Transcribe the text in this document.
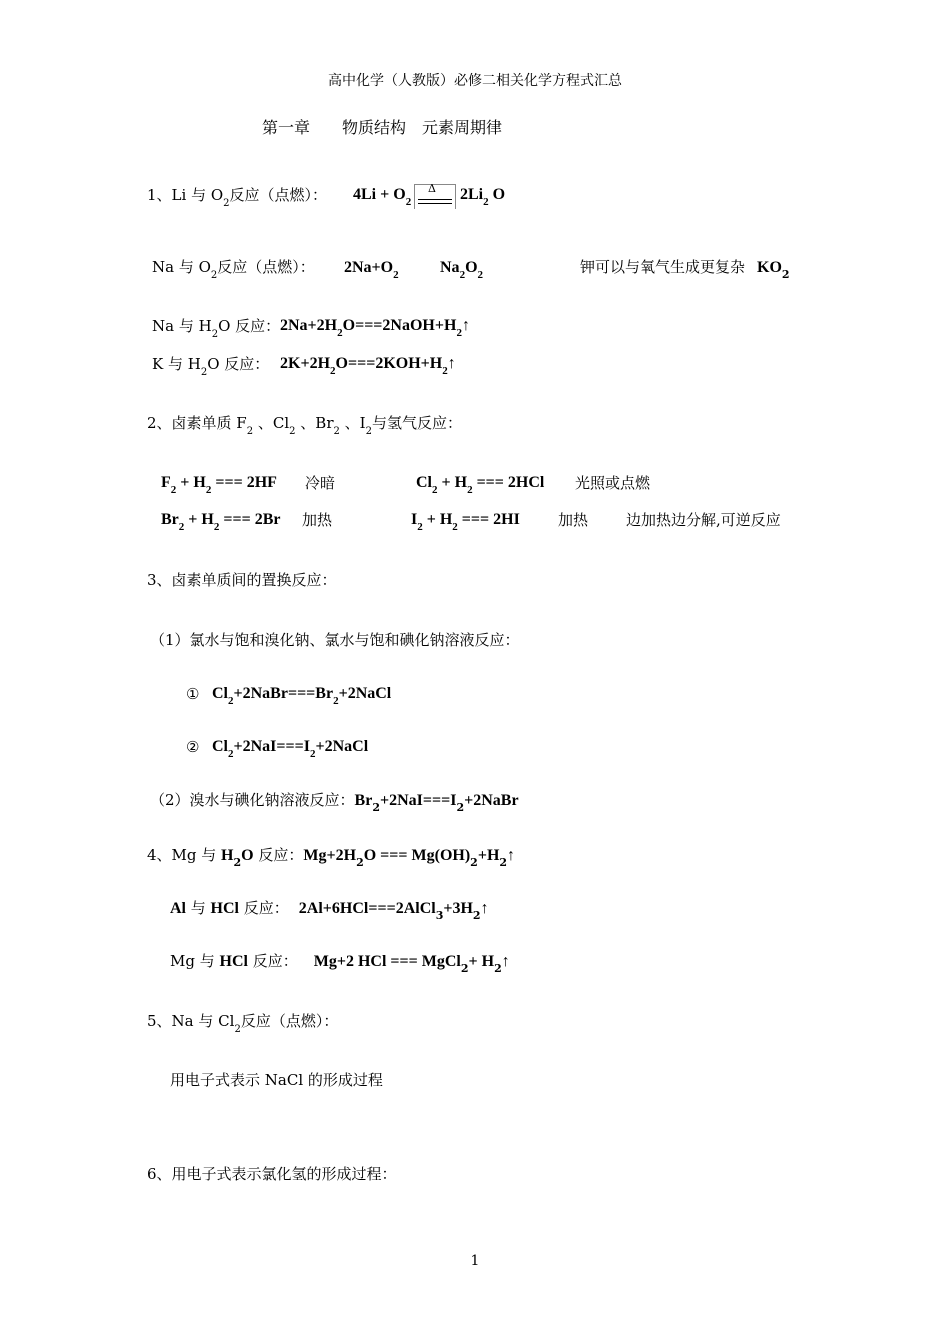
高中化学（人教版）必修二相关化学方程式汇总
第一章　　物质结构　元素周期律
1、Li 与 $O_2$反应（点燃）： $4Li + O_2$
Δ $2Li_2$ O
Na 与 $O_2$反应（点燃）： $2Na+O_2$	$Na_2O_2$	钾可以与氧气生成更复杂 $KO_2$
Na 与 $H_2O$ 反应： $2Na+2H_2O===2NaOH+H_2↑$
K 与 $H_2O$ 反应： $2K+2H_2O===2KOH+H_2↑$
2、卤素单质 $F_2$ 、$Cl_2$ 、$Br_2$ 、$I_2$与氢气反应：
$F_2 + H_2$ === 2HF 冷暗	$Cl_2 + H_2$ === 2HCl 光照或点燃
$Br_2 + H_2$ === 2Br 加热	$I_2 + H_2$ === 2HI	加热	边加热边分解,可逆反应
3、卤素单质间的置换反应：
（1）氯水与饱和溴化钠、氯水与饱和碘化钠溶液反应：
① $Cl_2+2NaBr===Br_2+2NaCl$
② $Cl_2+2NaI===I_2+2NaCl$
（2）溴水与碘化钠溶液反应：$Br_2+2NaI===I_2+2NaBr$
4、Mg 与 $H_2O$ 反应：$Mg+2H_2O$ === $Mg(OH)_2+H_2↑$
Al 与 HCl 反应： $2Al+6HCl===2AlCl_3+3H_2↑$
Mg 与 HCl 反应： Mg+2 HCl === MgCl$_2$+ $H_2↑$
5、Na 与 $Cl_2$反应（点燃）：
用电子式表示 NaCl 的形成过程
6、用电子式表示氯化氢的形成过程：
1
